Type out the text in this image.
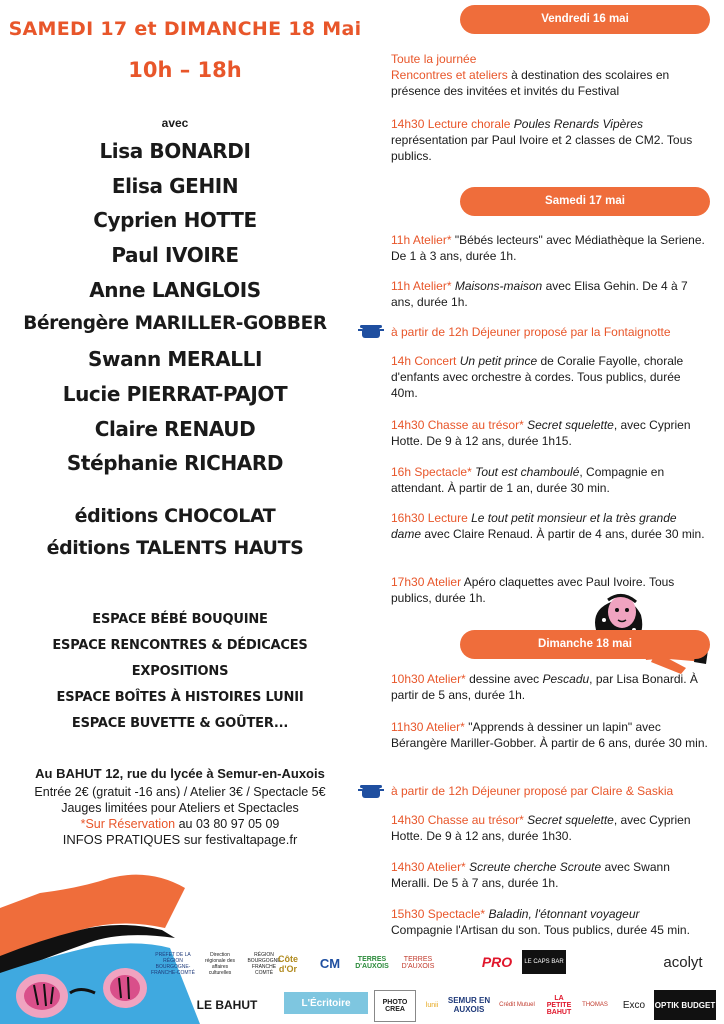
SAMEDI 17 et DIMANCHE 18 Mai
10h – 18h
avec
Lisa BONARDI
Elisa GEHIN
Cyprien HOTTE
Paul IVOIRE
Anne LANGLOIS
Bérengère MARILLER-GOBBER
Swann MERALLI
Lucie PIERRAT-PAJOT
Claire RENAUD
Stéphanie RICHARD
éditions CHOCOLAT
éditions TALENTS HAUTS
ESPACE BÉBÉ BOUQUINE
ESPACE RENCONTRES & DÉDICACES
EXPOSITIONS
ESPACE BOÎTES À HISTOIRES LUNII
ESPACE BUVETTE & GOÛTER...
Au BAHUT 12, rue du lycée à Semur-en-Auxois
Entrée 2€ (gratuit -16 ans) / Atelier 3€ / Spectacle 5€
Jauges limitées pour Ateliers et Spectacles
*Sur Réservation au 03 80 97 05 09
INFOS PRATIQUES sur festivaltapage.fr
Vendredi 16 mai
Toute la journée
Rencontres et ateliers à destination des scolaires en présence des invitées et invités du Festival
14h30 Lecture chorale Poules Renards Vipères représentation par Paul Ivoire et 2 classes de CM2. Tous publics.
Samedi 17 mai
11h Atelier* "Bébés lecteurs" avec Médiathèque la Seriene. De 1 à 3 ans, durée 1h.
11h Atelier* Maisons-maison avec Elisa Gehin. De 4 à 7 ans, durée 1h.
à partir de 12h Déjeuner proposé par la Fontaignotte
14h Concert Un petit prince de Coralie Fayolle, chorale d'enfants avec orchestre à cordes. Tous publics, durée 40m.
14h30 Chasse au trésor* Secret squelette, avec Cyprien Hotte. De 9 à 12 ans, durée 1h15.
16h Spectacle* Tout est chamboulé, Compagnie en attendant. À partir de 1 an, durée 30 min.
16h30 Lecture Le tout petit monsieur et la très grande dame avec Claire Renaud. À partir de 4 ans, durée 30 min.
17h30 Atelier Apéro claquettes avec Paul Ivoire. Tous publics, durée 1h.
Dimanche 18 mai
10h30 Atelier* dessine avec Pescadu, par Lisa Bonardi. À partir de 5 ans, durée 1h.
11h30 Atelier* "Apprends à dessiner un lapin" avec Bérangère Mariller-Gobber. À partir de 6 ans, durée 30 min.
à partir de 12h Déjeuner proposé par Claire & Saskia
14h30 Chasse au trésor* Secret squelette, avec Cyprien Hotte. De 9 à 12 ans, durée 1h30.
14h30 Atelier* Screute cherche Scroute avec Swann Meralli. De 5 à 7 ans, durée 1h.
15h30 Spectacle* Baladin, l'étonnant voyageur
Compagnie l'Artisan du son. Tous publics, durée 45 min.
PRÉFET DE LA RÉGION BOURGOGNE-FRANCHE-COMTÉ
Direction régionale des affaires culturelles
RÉGION BOURGOGNE FRANCHE COMTÉ
Côte d'Or	CM	TERRES D'AUXOIS
TERRES D'AUXOIS	PRO	LE CAPS BAR	acolyt
LE BAHUT	L'Écritoire	PHOTO CREA
lunii	SEMUR EN AUXOIS	Crédit Mutuel
LA PETITE BAHUT
THOMAS	Exco	OPTIK BUDGET
